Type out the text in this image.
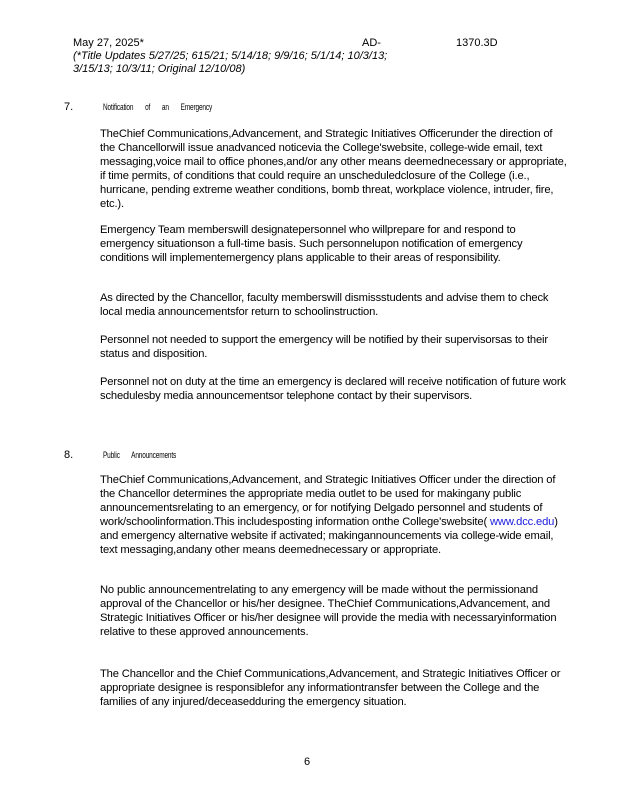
May 27, 2025*	AD-	1370.3D
(*Title Updates 5/27/25; 615/21; 5/14/18; 9/9/16; 5/1/14; 10/3/13; 3/15/13; 10/3/11; Original 12/10/08)
7.	Notification of an Emergency

TheChief Communications,Advancement, and Strategic Initiatives Officerunder the direction of the Chancellorwill issue anadvanced noticevia the College'swebsite, college-wide email, text messaging,voice mail to office phones,and/or any other means deemednecessary or appropriate, if time permits, of conditions that could require an unscheduledclosure of the College (i.e., hurricane, pending extreme weather conditions, bomb threat, workplace violence, intruder, fire, etc.).

Emergency Team memberswill designatepersonnel who willprepare for and respond to emergency situationson a full-time basis. Such personnelupon notification of emergency conditions will implementemergency plans applicable to their areas of responsibility.

As directed by the Chancellor, faculty memberswill dismissstudents and advise them to check local media announcementsfor return to schoolinstruction.

Personnel not needed to support the emergency will be notified by their supervisorsas to their status and disposition.

Personnel not on duty at the time an emergency is declared will receive notification of future work schedulesby media announcementsor telephone contact by their supervisors.

8.	Public Announcements

TheChief Communications,Advancement, and Strategic Initiatives Officer under the direction of the Chancellor determines the appropriate media outlet to be used for makingany public announcementsrelating to an emergency, or for notifying Delgado personnel and students of work/schoolinformation.This includesposting information onthe College'swebsite( www.dcc.edu) and emergency alternative website if activated; makingannouncements via college-wide email, text messaging,andany other means deemednecessary or appropriate.

No public announcementrelating to any emergency will be made without the permissionand approval of the Chancellor or his/her designee. TheChief Communications,Advancement, and Strategic Initiatives Officer or his/her designee will provide the media with necessaryinformation relative to these approved announcements.

The Chancellor and the Chief Communications,Advancement, and Strategic Initiatives Officer or appropriate designee is responsiblefor any informationtransfer between the College and the families of any injured/deceasedduring the emergency situation.

6
